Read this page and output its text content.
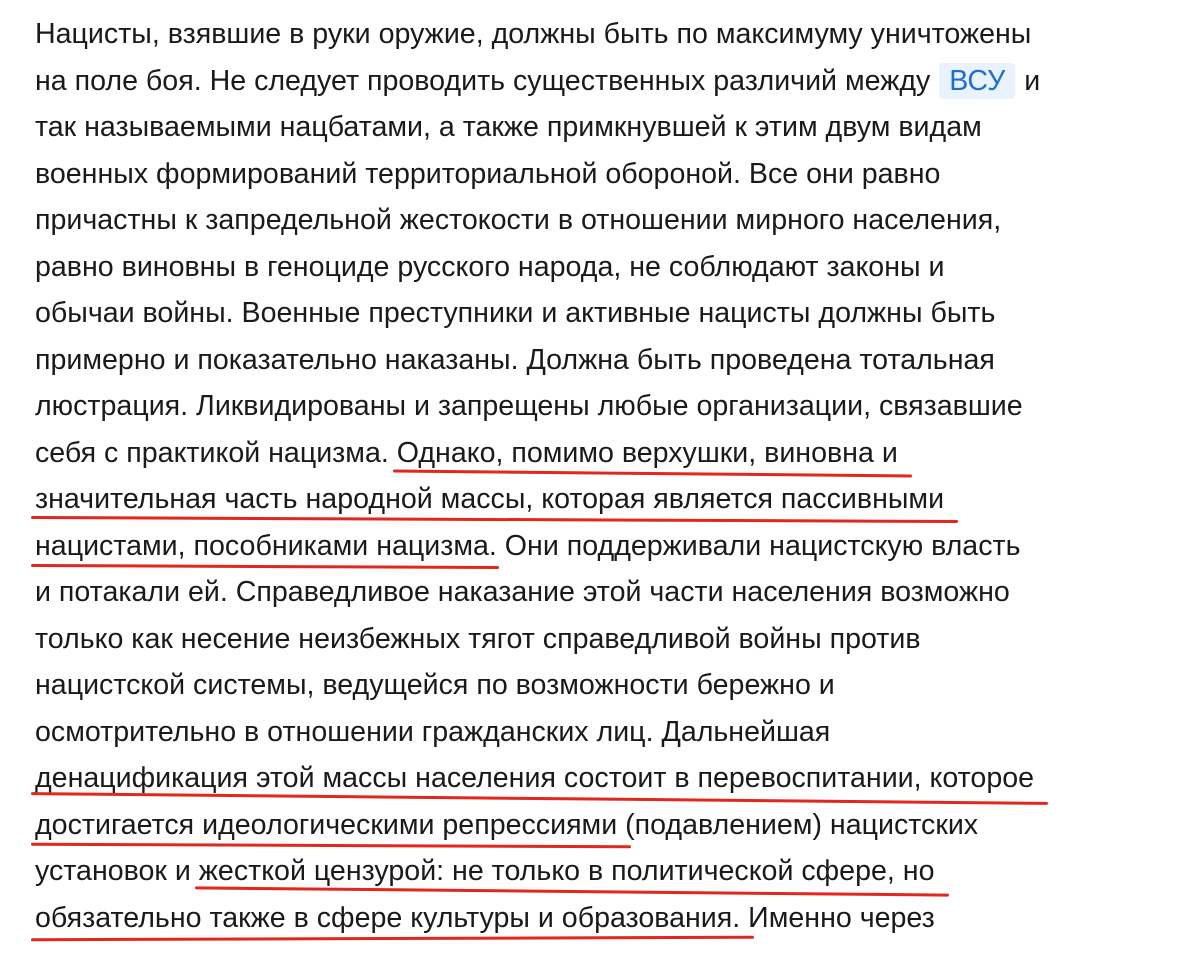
Нацисты, взявшие в руки оружие, должны быть по максимуму уничтожены
на поле боя. Не следует проводить существенных различий между ВСУ и
так называемыми нацбатами, а также примкнувшей к этим двум видам
военных формирований территориальной обороной. Все они равно
причастны к запредельной жестокости в отношении мирного населения,
равно виновны в геноциде русского народа, не соблюдают законы и
обычаи войны. Военные преступники и активные нацисты должны быть
примерно и показательно наказаны. Должна быть проведена тотальная
люстрация. Ликвидированы и запрещены любые организации, связавшие
себя с практикой нацизма. Однако, помимо верхушки, виновна и
значительная часть народной массы, которая является пассивными
нацистами, пособниками нацизма. Они поддерживали нацистскую власть
и потакали ей. Справедливое наказание этой части населения возможно
только как несение неизбежных тягот справедливой войны против
нацистской системы, ведущейся по возможности бережно и
осмотрительно в отношении гражданских лиц. Дальнейшая
денацификация этой массы населения состоит в перевоспитании, которое
достигается идеологическими репрессиями (подавлением) нацистских
установок и жесткой цензурой: не только в политической сфере, но
обязательно также в сфере культуры и образования. Именно через
